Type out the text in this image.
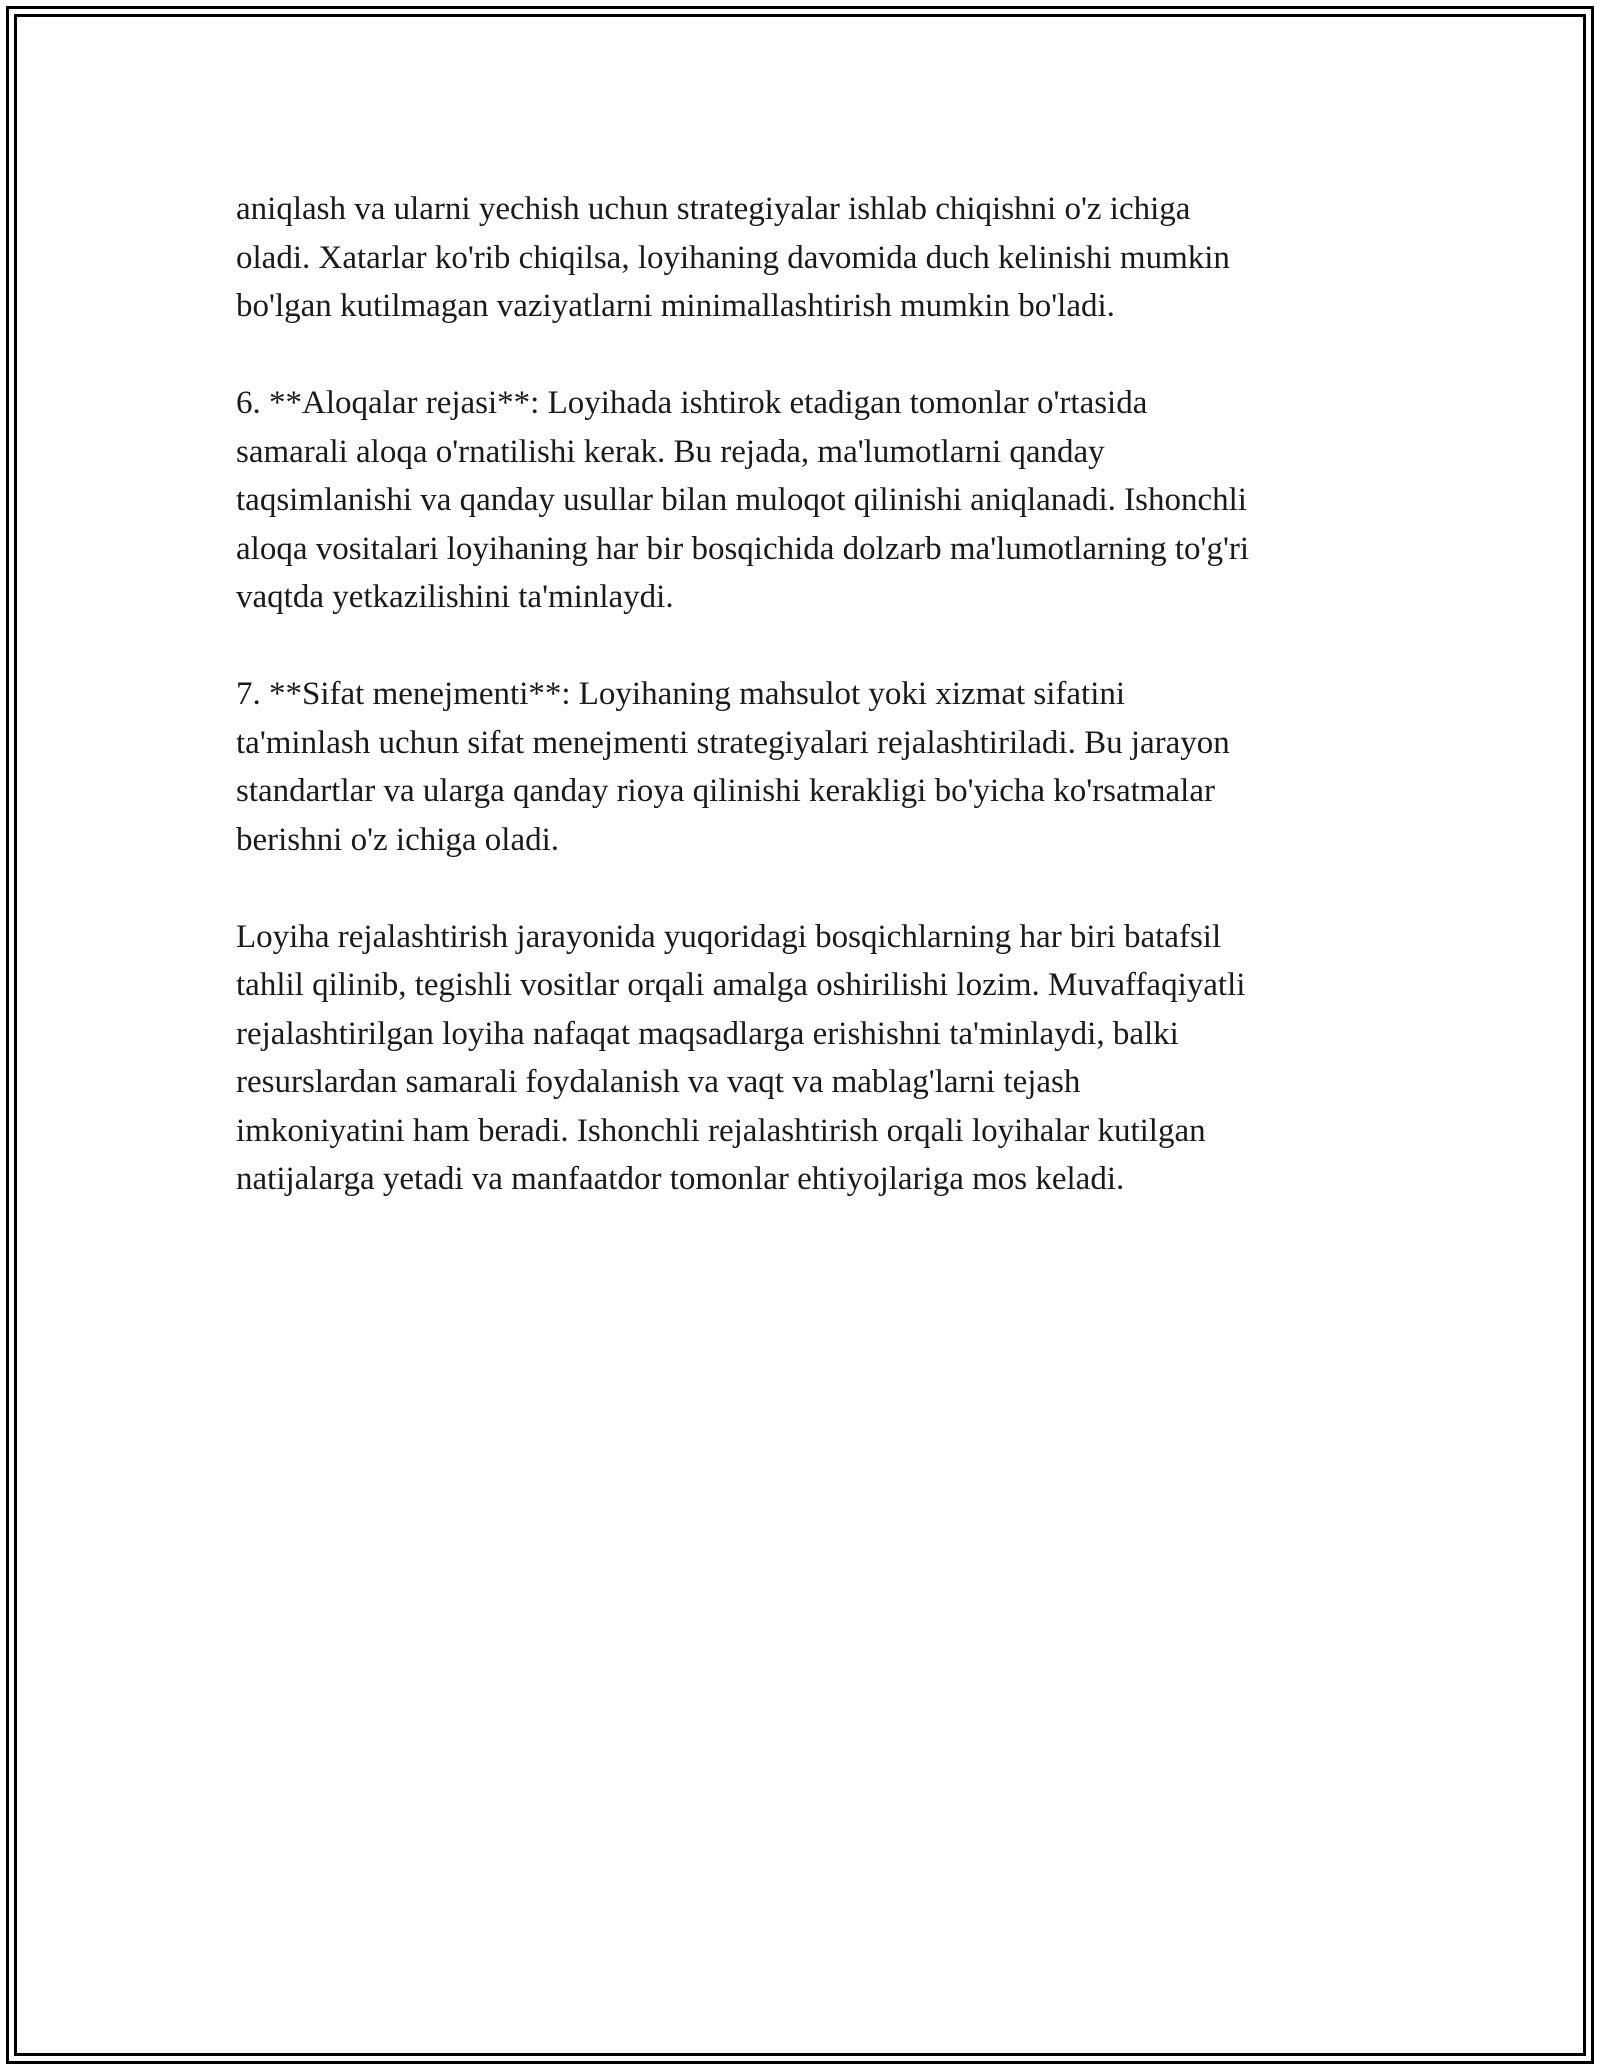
aniqlash va ularni yechish uchun strategiyalar ishlab chiqishni o'z ichiga
oladi. Xatarlar ko'rib chiqilsa, loyihaning davomida duch kelinishi mumkin
bo'lgan kutilmagan vaziyatlarni minimallashtirish mumkin bo'ladi.

6. **Aloqalar rejasi**: Loyihada ishtirok etadigan tomonlar o'rtasida
samarali aloqa o'rnatilishi kerak. Bu rejada, ma'lumotlarni qanday
taqsimlanishi va qanday usullar bilan muloqot qilinishi aniqlanadi. Ishonchli
aloqa vositalari loyihaning har bir bosqichida dolzarb ma'lumotlarning to'g'ri
vaqtda yetkazilishini ta'minlaydi.

7. **Sifat menejmenti**: Loyihaning mahsulot yoki xizmat sifatini
ta'minlash uchun sifat menejmenti strategiyalari rejalashtiriladi. Bu jarayon
standartlar va ularga qanday rioya qilinishi kerakligi bo'yicha ko'rsatmalar
berishni o'z ichiga oladi.

Loyiha rejalashtirish jarayonida yuqoridagi bosqichlarning har biri batafsil
tahlil qilinib, tegishli vositlar orqali amalga oshirilishi lozim. Muvaffaqiyatli
rejalashtirilgan loyiha nafaqat maqsadlarga erishishni ta'minlaydi, balki
resurslardan samarali foydalanish va vaqt va mablag'larni tejash
imkoniyatini ham beradi. Ishonchli rejalashtirish orqali loyihalar kutilgan
natijalarga yetadi va manfaatdor tomonlar ehtiyojlariga mos keladi.
